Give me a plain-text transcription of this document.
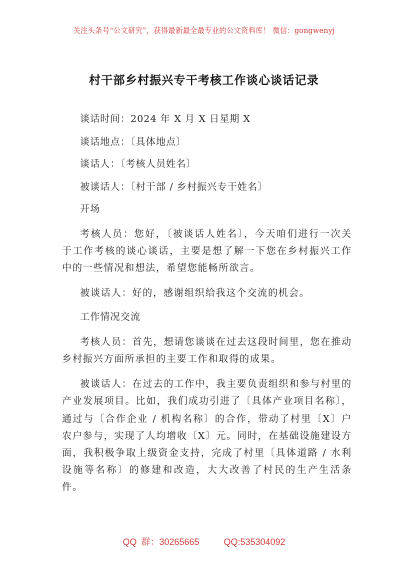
关注头条号“公文研究”，获得最新最全最专业的公文资料库！ 微信：gongwenyj
村干部乡村振兴专干考核工作谈心谈话记录
谈话时间：2024 年 X 月 X 日星期 X
谈话地点：〔具体地点〕
谈话人：〔考核人员姓名〕
被谈话人：〔村干部 / 乡村振兴专干姓名〕
开场

考核人员：您好，〔被谈话人姓名〕，今天咱们进行一次关于工作考核的谈心谈话，主要是想了解一下您在乡村振兴工作中的一些情况和想法，希望您能畅所欲言。

被谈话人：好的，感谢组织给我这个交流的机会。

工作情况交流

考核人员：首先，想请您谈谈在过去这段时间里，您在推动乡村振兴方面所承担的主要工作和取得的成果。

被谈话人：在过去的工作中，我主要负责组织和参与村里的产业发展项目。比如，我们成功引进了〔具体产业项目名称〕，通过与〔合作企业 / 机构名称〕的合作，带动了村里〔X〕户农户参与，实现了人均增收〔X〕元。同时，在基础设施建设方面，我积极争取上级资金支持，完成了村里〔具体道路 / 水利设施等名称〕的修建和改造，大大改善了村民的生产生活条件。

QQ 群：30265665	QQ:535304092
